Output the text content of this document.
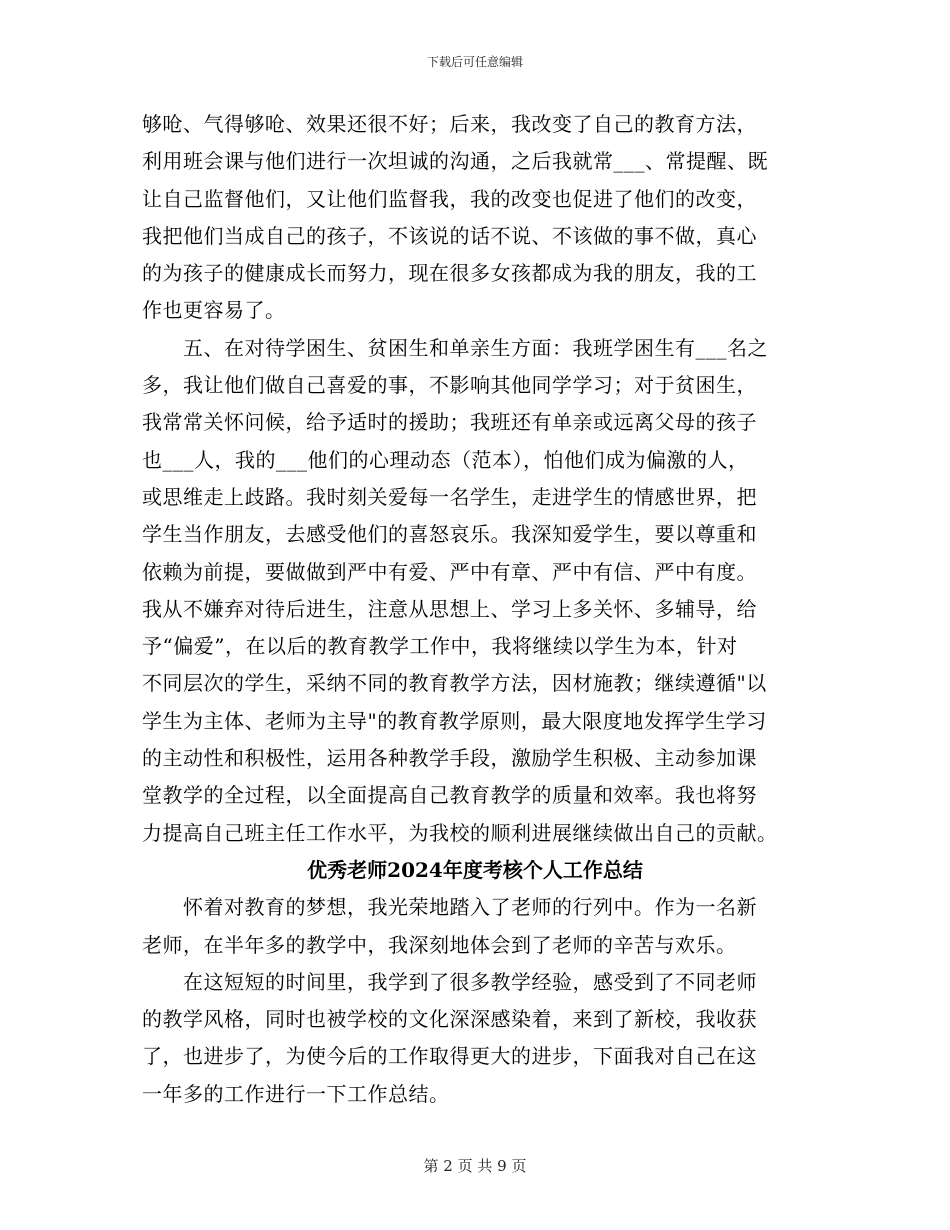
下载后可任意编辑
够呛、气得够呛、效果还很不好；后来，我改变了自己的教育方法，
利用班会课与他们进行一次坦诚的沟通，之后我就常___、常提醒、既
让自己监督他们，又让他们监督我，我的改变也促进了他们的改变，
我把他们当成自己的孩子，不该说的话不说、不该做的事不做，真心
的为孩子的健康成长而努力，现在很多女孩都成为我的朋友，我的工
作也更容易了。
　　五、在对待学困生、贫困生和单亲生方面：我班学困生有___名之
多，我让他们做自己喜爱的事，不影响其他同学学习；对于贫困生，
我常常关怀问候，给予适时的援助；我班还有单亲或远离父母的孩子
也___人，我的___他们的心理动态（范本），怕他们成为偏激的人，
或思维走上歧路。我时刻关爱每一名学生，走进学生的情感世界，把
学生当作朋友，去感受他们的喜怒哀乐。我深知爱学生，要以尊重和
依赖为前提，要做做到严中有爱、严中有章、严中有信、严中有度。
我从不嫌弃对待后进生，注意从思想上、学习上多关怀、多辅导，给
予“偏爱”，在以后的教育教学工作中，我将继续以学生为本，针对
不同层次的学生，采纳不同的教育教学方法，因材施教；继续遵循"以
学生为主体、老师为主导"的教育教学原则，最大限度地发挥学生学习
的主动性和积极性，运用各种教学手段，激励学生积极、主动参加课
堂教学的全过程，以全面提高自己教育教学的质量和效率。我也将努
力提高自己班主任工作水平，为我校的顺利进展继续做出自己的贡献。
优秀老师2024年度考核个人工作总结
　　怀着对教育的梦想，我光荣地踏入了老师的行列中。作为一名新
老师，在半年多的教学中，我深刻地体会到了老师的辛苦与欢乐。
　　在这短短的时间里，我学到了很多教学经验，感受到了不同老师
的教学风格，同时也被学校的文化深深感染着，来到了新校，我收获
了，也进步了，为使今后的工作取得更大的进步，下面我对自己在这
一年多的工作进行一下工作总结。
第 2 页 共 9 页
